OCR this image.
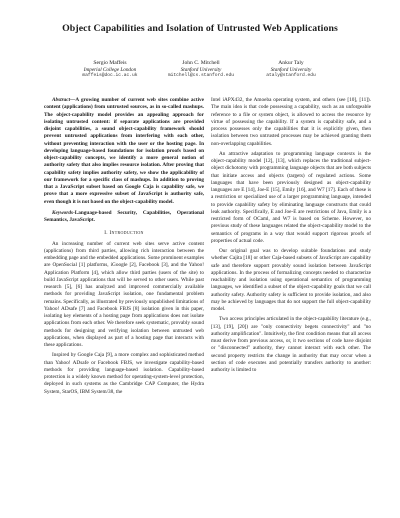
Object Capabilities and Isolation of Untrusted Web Applications
Sergio Maffeis
Imperial College London
maffeis@doc.ic.ac.uk
John C. Mitchell
Stanford University
mitchell@cs.stanford.edu
Ankur Taly
Stanford University
ataly@stanford.edu

Abstract—A growing number of current web sites combine active content (applications) from untrusted sources, as in so-called mashups. The object-capability model provides an appealing approach for isolating untrusted content: if separate applications are provided disjoint capabilities, a sound object-capability framework should prevent untrusted applications from interfering with each other, without preventing interaction with the user or the hosting page. In developing language-based foundations for isolation proofs based on object-capability concepts, we identify a more general notion of authority safety that also implies resource isolation. After proving that capability safety implies authority safety, we show the applicability of our framework for a specific class of mashups. In addition to proving that a JavaScript subset based on Google Caja is capability safe, we prove that a more expressive subset of JavaScript is authority safe, even though it is not based on the object-capability model.

Keywords-Language-based Security, Capabilities, Operational Semantics, JavaScript.

I. Introduction

An increasing number of current web sites serve active content (applications) from third parties, allowing rich interaction between the embedding page and the embedded applications. Some prominent examples are OpenSocial [1] platforms, iGoogle [2], Facebook [3], and the Yahoo! Application Platform [4], which allow third parties (users of the site) to build JavaScript applications that will be served to other users. While past research [5], [6] has analyzed and improved commercially available methods for providing JavaScript isolation, one fundamental problem remains. Specifically, as illustrated by previously unpublished limitations of Yahoo! ADsafe [7] and Facebook FBJS [8] isolation given in this paper, isolating key elements of a hosting page from applications does not isolate applications from each other. We therefore seek systematic, provably sound methods for designing and verifying isolation between untrusted web applications, when displayed as part of a hosting page that interacts with these applications.

Inspired by Google Caja [9], a more complex and sophisticated method than Yahoo! ADsafe or Facebook FBJS, we investigate capability-based methods for providing language-based isolation. Capability-based protection is a widely known method for operating-system-level protection, deployed in such systems as the Cambridge CAP Computer, the Hydra System, StarOS, IBM System/38, the

Intel iAPX432, the Amoeba operating system, and others (see [10], [11]). The main idea is that code possessing a capability, such as an unforgeable reference to a file or system object, is allowed to access the resource by virtue of possessing the capability. If a system is capability safe, and a process possesses only the capabilities that it is explicitly given, then isolation between two untrusted processes may be achieved granting them non-overlapping capabilities.

An attractive adaptation to programming language contexts is the object-capability model [12], [13], which replaces the traditional subject-object dichotomy with programming language objects that are both subjects that initiate access and objects (targets) of regulated actions. Some languages that have been previously designed as object-capability languages are E [14], Joe-E [15], Emily [16], and W7 [17]. Each of these is a restriction or specialized use of a larger programming language, intended to provide capability safety by eliminating language constructs that could leak authority. Specifically, E and Joe-E are restrictions of Java, Emily is a restricted form of OCaml, and W7 is based on Scheme. However, no previous study of these languages related the object-capability model to the semantics of programs in a way that would support rigorous proofs of properties of actual code.

Our original goal was to develop suitable foundations and study whether Cajita [18] or other Caja-based subsets of JavaScript are capability safe and therefore support provably sound isolation between JavaScript applications. In the process of formalizing concepts needed to characterize reachability and isolation using operational semantics of programming languages, we identified a subset of the object-capability goals that we call authority safety. Authority safety is sufficient to provide isolation, and also may be achieved by languages that do not support the full object-capability model.

Two access principles articulated in the object-capability literature (e.g., [13], [19], [20]) are "only connectivity begets connectivity" and "no authority amplification". Intuitively, the first condition means that all access must derive from previous access, or, it two sections of code have disjoint or "disconnected" authority, they cannot interact with each other. The second property restricts the change in authority that may occur when a section of code executes and potentially transfers authority to another: authority is limited to
